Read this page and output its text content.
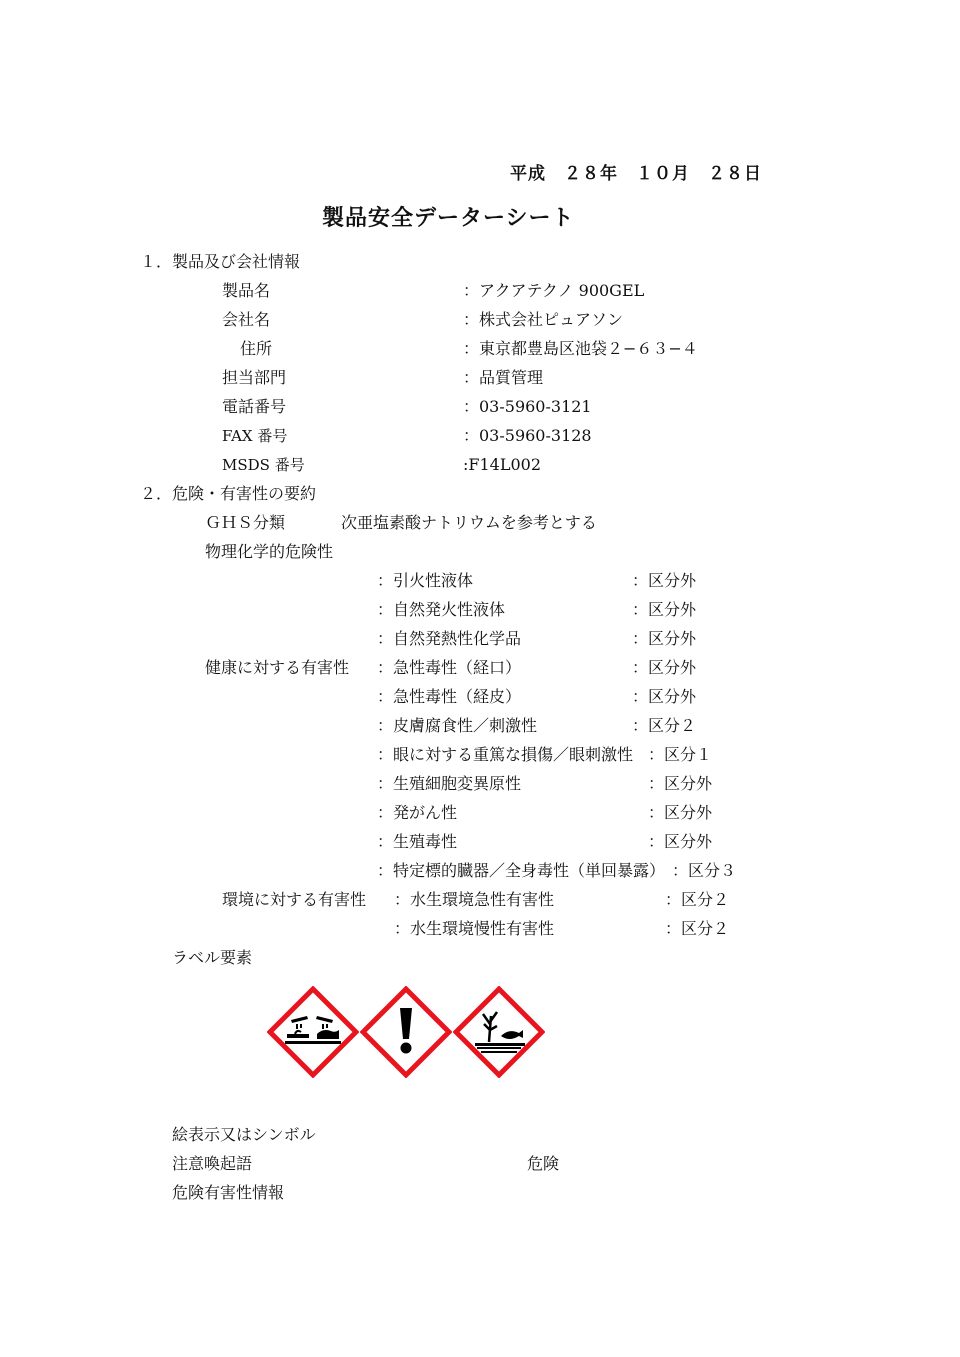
平成　２８年　１０月　２８日
製品安全データーシート
１．製品及び会社情報
製品名	：アクアテクノ 900GEL
会社名	：株式会社ピュアソン
住所	：東京都豊島区池袋２−６３−４
担当部門	：品質管理
電話番号	：03-5960-3121
FAX 番号	：03-5960-3128
MSDS 番号	:F14L002
２．危険・有害性の要約
ＧＨＳ分類	次亜塩素酸ナトリウムを参考とする
物理化学的危険性
：引火性液体	：区分外
：自然発火性液体	：区分外
：自然発熱性化学品	：区分外
健康に対する有害性 ：急性毒性（経口）	：区分外
：急性毒性（経皮）	：区分外
：皮膚腐食性／刺激性	：区分２
：眼に対する重篤な損傷／眼刺激性 ：区分１
：生殖細胞変異原性	：区分外
：発がん性	：区分外
：生殖毒性	：区分外
：特定標的臓器／全身毒性（単回暴露） ：区分３
環境に対する有害性 ：水生環境急性有害性	：区分２
：水生環境慢性有害性	：区分２
ラベル要素
絵表示又はシンボル
注意喚起語	危険
危険有害性情報
